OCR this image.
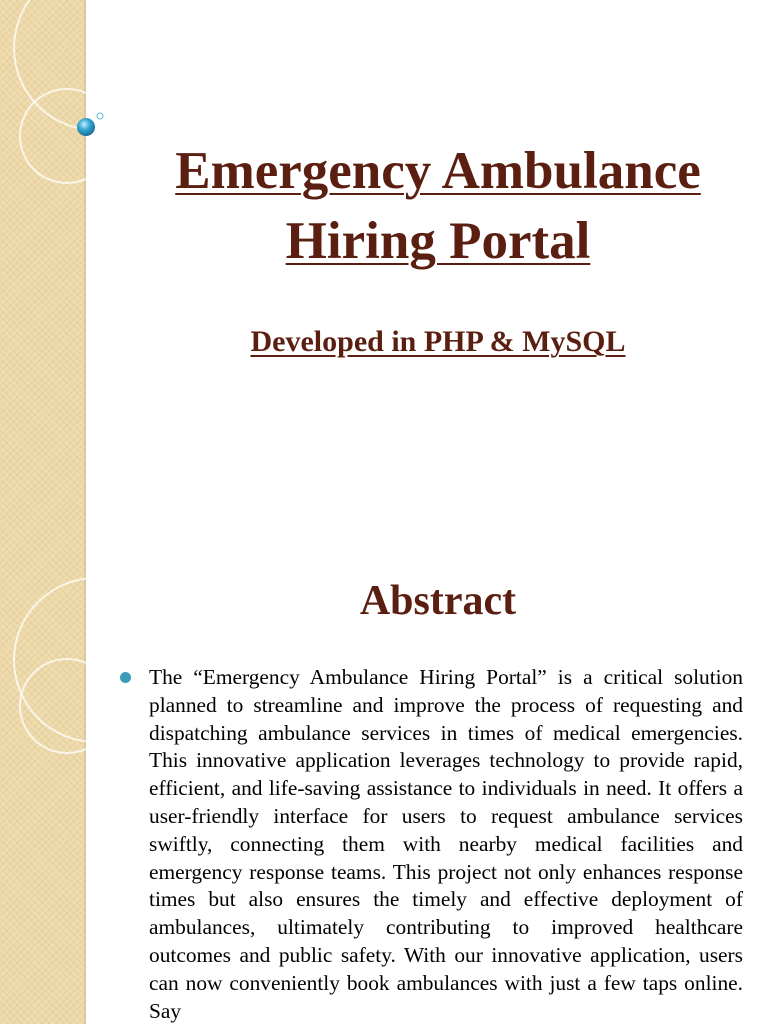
Emergency Ambulance
Hiring Portal
Developed in PHP & MySQL
Abstract

The “Emergency Ambulance Hiring Portal” is a critical solution planned to streamline and improve the process of requesting and dispatching ambulance services in times of medical emergencies. This innovative application leverages technology to provide rapid, efficient, and life-saving assistance to individuals in need. It offers a user-friendly interface for users to request ambulance services swiftly, connecting them with nearby medical facilities and emergency response teams. This project not only enhances response times but also ensures the timely and effective deployment of ambulances, ultimately contributing to improved healthcare outcomes and public safety. With our innovative application, users can now conveniently book ambulances with just a few taps online. Say
